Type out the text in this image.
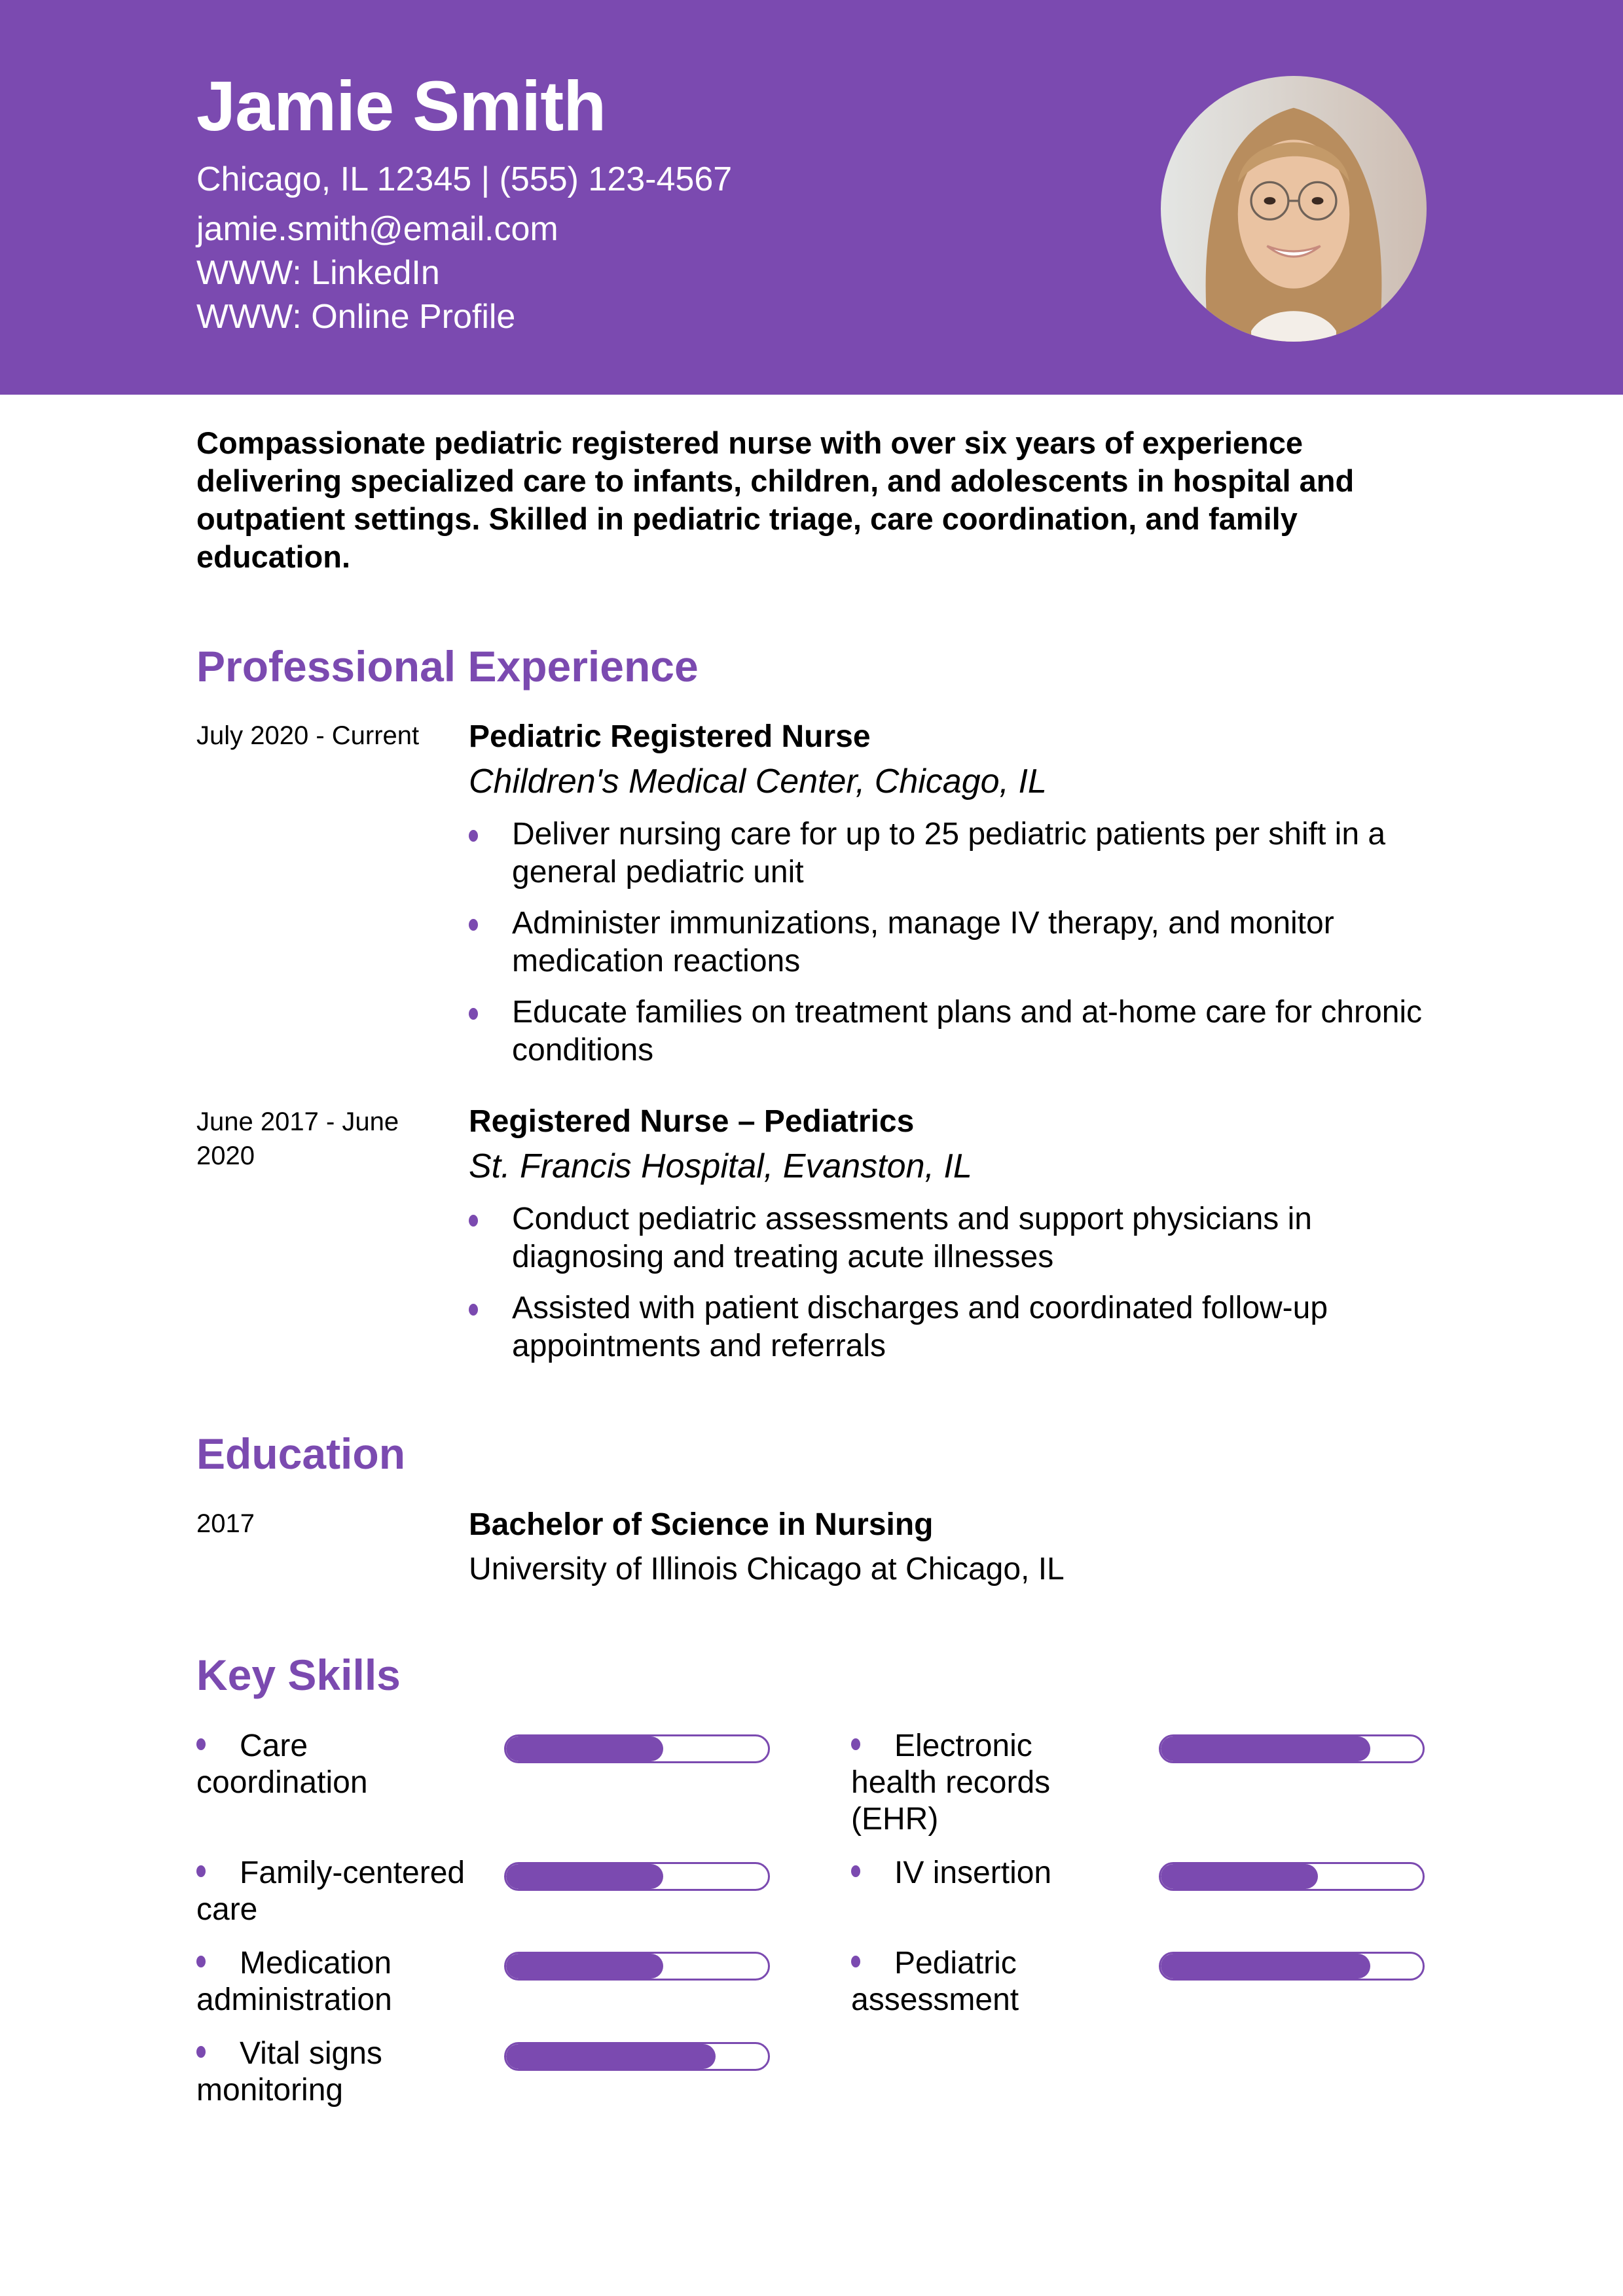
Jamie Smith
Chicago, IL 12345 | (555) 123-4567
jamie.smith@email.com
WWW: LinkedIn
WWW: Online Profile
Compassionate pediatric registered nurse with over six years of experience delivering specialized care to infants, children, and adolescents in hospital and outpatient settings. Skilled in pediatric triage, care coordination, and family education.
Professional Experience
July 2020 - Current Pediatric Registered Nurse
Children's Medical Center, Chicago, IL
Deliver nursing care for up to 25 pediatric patients per shift in a general pediatric unit
Administer immunizations, manage IV therapy, and monitor medication reactions
Educate families on treatment plans and at-home care for chronic conditions
June 2017 - June 2020
Registered Nurse – Pediatrics
St. Francis Hospital, Evanston, IL
Conduct pediatric assessments and support physicians in diagnosing and treating acute illnesses
Assisted with patient discharges and coordinated follow-up appointments and referrals
Education
2017	Bachelor of Science in Nursing
University of Illinois Chicago at Chicago, IL
Key Skills
Care coordination
Electronic health records (EHR)
Family-centered care
IV insertion
Medication administration
Pediatric assessment
Vital signs monitoring
